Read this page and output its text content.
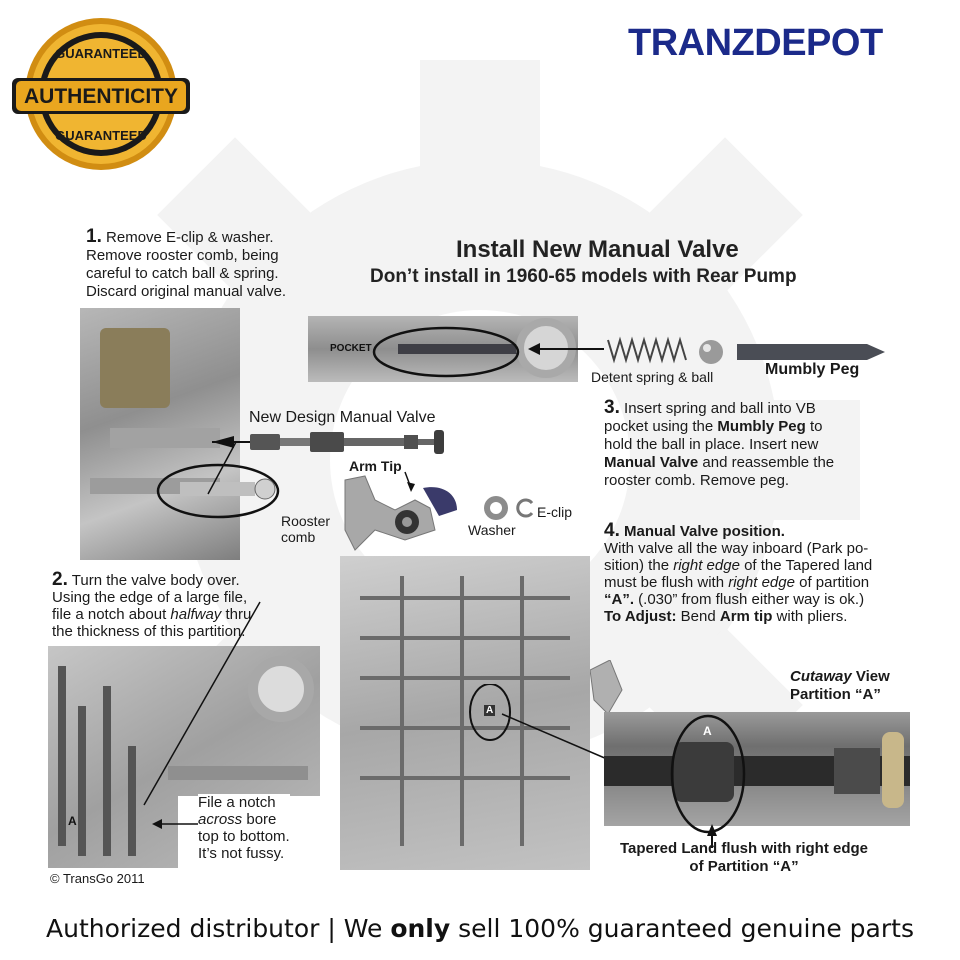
GUARANTEED
AUTHENTICITY
GUARANTEED
TRANZDEPOT
Install New Manual Valve
Don’t install in 1960-65 models with Rear Pump
1. Remove E-clip & washer.
Remove rooster comb, being
careful to catch ball & spring.
Discard original manual valve.
POCKET
Detent spring & ball	Mumbly Peg
New Design Manual Valve
Arm Tip
Rooster
comb
E-clip
Washer
3. Insert spring and ball into VB
pocket using the Mumbly Peg to
hold the ball in place. Insert new
Manual Valve and reassemble the
rooster comb. Remove peg.
4. Manual Valve position.
With valve all the way inboard (Park po-
sition) the right edge of the Tapered land
must be flush with right edge of partition
“A”. (.030” from flush either way is ok.)
To Adjust: Bend Arm tip with pliers.
2. Turn the valve body over.
Using the edge of a large file,
file a notch about halfway thru
the thickness of this partition.
A
File a notch
across bore
top to bottom.
It’s not fussy.
© TransGo 2011
A
Cutaway View
Partition “A”
A
Tapered Land flush with right edge
of Partition “A”
Authorized distributor | We only sell 100% guaranteed genuine parts
